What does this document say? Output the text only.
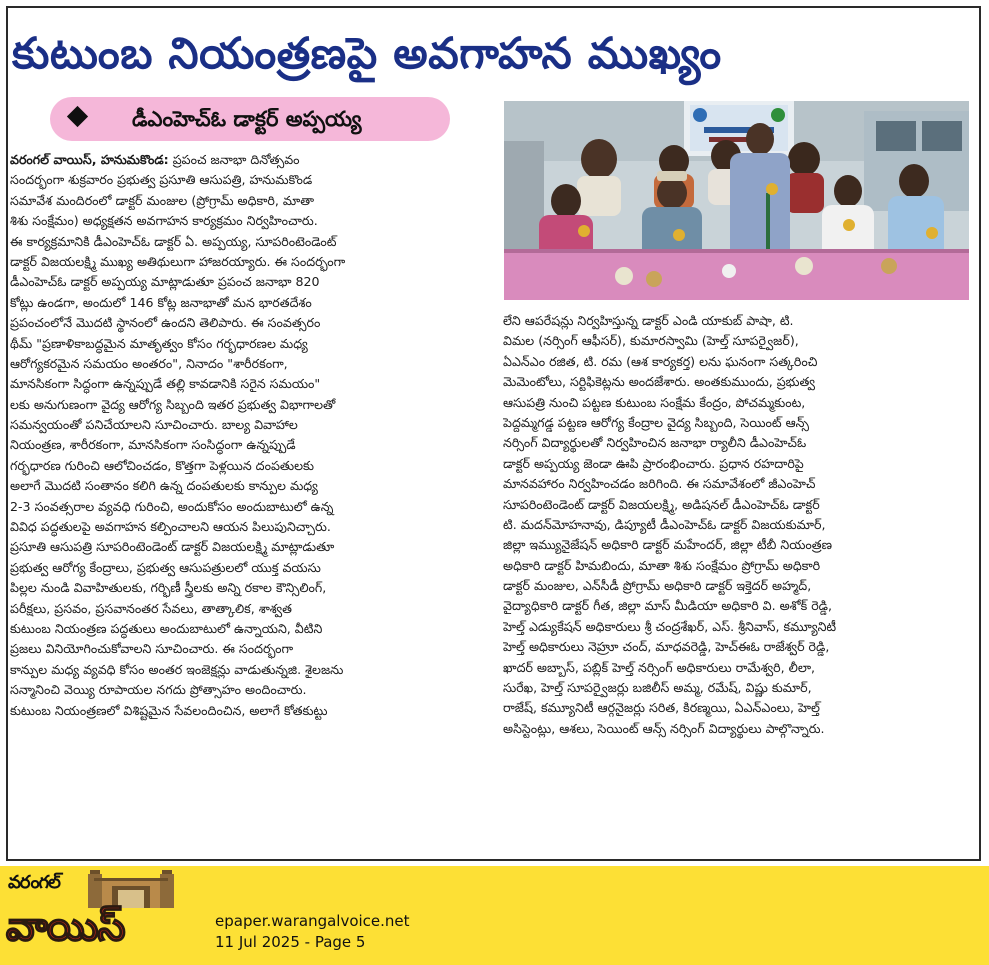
కుటుంబ నియంత్రణపై అవగాహన ముఖ్యం
డీఎంహెచ్ఓ డాక్టర్ అప్పయ్య
వరంగల్ వాయిస్, హనుమకొండ: ప్రపంచ జనాభా దినోత్సవం
సందర్భంగా శుక్రవారం ప్రభుత్వ ప్రసూతి ఆసుపత్రి, హనుమకొండ
సమావేశ మందిరంలో డాక్టర్ మంజుల (ప్రోగ్రామ్ అధికారి, మాతా
శిశు సంక్షేమం) అధ్యక్షతన అవగాహన కార్యక్రమం నిర్వహించారు.
ఈ కార్యక్రమానికి డీఎంహెచ్ఓ డాక్టర్ ఏ. అప్పయ్య, సూపరింటెండెంట్
డాక్టర్ విజయలక్ష్మి ముఖ్య అతిథులుగా హాజరయ్యారు. ఈ సందర్భంగా
డీఎంహెచ్ఓ డాక్టర్ అప్పయ్య మాట్లాడుతూ ప్రపంచ జనాభా 820
కోట్లు ఉండగా, అందులో 146 కోట్ల జనాభాతో మన భారతదేశం
ప్రపంచంలోనే మొదటి స్థానంలో ఉందని తెలిపారు. ఈ సంవత్సరం
థీమ్ "ప్రణాళికాబద్ధమైన మాతృత్వం కోసం గర్భధారణల మధ్య
ఆరోగ్యకరమైన సమయం అంతరం", నినాదం "శారీరకంగా,
మానసికంగా సిద్ధంగా ఉన్నప్పుడే తల్లి కావడానికి సరైన సమయం"
లకు అనుగుణంగా వైద్య ఆరోగ్య సిబ్బంది ఇతర ప్రభుత్వ విభాగాలతో
సమన్వయంతో పనిచేయాలని సూచించారు. బాల్య వివాహాల
నియంత్రణ, శారీరకంగా, మానసికంగా సంసిద్ధంగా ఉన్నప్పుడే
గర్భధారణ గురించి ఆలోచించడం, కొత్తగా పెళ్లయిన దంపతులకు
అలాగే మొదటి సంతానం కలిగి ఉన్న దంపతులకు కాన్పుల మధ్య
2-3 సంవత్సరాల వ్యవధి గురించి, అందుకోసం అందుబాటులో ఉన్న
వివిధ పద్ధతులపై అవగాహన కల్పించాలని ఆయన పిలుపునిచ్చారు.
ప్రసూతి ఆసుపత్రి సూపరింటెండెంట్ డాక్టర్ విజయలక్ష్మి మాట్లాడుతూ
ప్రభుత్వ ఆరోగ్య కేంద్రాలు, ప్రభుత్వ ఆసుపత్రులలో యుక్త వయసు
పిల్లల నుండి వివాహితులకు, గర్భిణీ స్త్రీలకు అన్ని రకాల కౌన్సిలింగ్,
పరీక్షలు, ప్రసవం, ప్రసవానంతర సేవలు, తాత్కాలిక, శాశ్వత
కుటుంబ నియంత్రణ పద్ధతులు అందుబాటులో ఉన్నాయని, వీటిని
ప్రజలు వినియోగించుకోవాలని సూచించారు. ఈ సందర్భంగా
కాన్పుల మధ్య వ్యవధి కోసం అంతర ఇంజెక్షన్లు వాడుతున్నజి. శైలజను
సన్మానించి వెయ్యి రూపాయల నగదు ప్రోత్సాహం అందించారు.
కుటుంబ నియంత్రణలో విశిష్టమైన సేవలందించిన, అలాగే కోతకుట్టు
లేని ఆపరేషన్లు నిర్వహిస్తున్న డాక్టర్ ఎండి యాకుబ్ పాషా, టి.
విమల (నర్సింగ్ ఆఫీసర్), కుమారస్వామి (హెల్త్ సూపర్వైజర్),
ఏఎన్ఎం రజిత, టి. రమ (ఆశ కార్యకర్త) లను ఘనంగా సత్కరించి
మెమెంటోలు, సర్టిఫికెట్లను అందజేశారు. అంతకుముందు, ప్రభుత్వ
ఆసుపత్రి నుంచి పట్టణ కుటుంబ సంక్షేమ కేంద్రం, పోచమ్మకుంట,
పెద్దమ్మగడ్డ పట్టణ ఆరోగ్య కేంద్రాల వైద్య సిబ్బంది, సెయింట్ ఆన్స్
నర్సింగ్ విద్యార్థులతో నిర్వహించిన జనాభా ర్యాలీని డీఎంహెచ్ఓ
డాక్టర్ అప్పయ్య జెండా ఊపి ప్రారంభించారు. ప్రధాన రహదారిపై
మానవహారం నిర్వహించడం జరిగింది. ఈ సమావేశంలో జీఎంహెచ్
సూపరింటెండెంట్ డాక్టర్ విజయలక్ష్మి, అడిషనల్ డీఎంహెచ్ఓ డాక్టర్
టి. మదన్‌మోహనావు, డిప్యూటీ డీఎంహెచ్ఓ డాక్టర్ విజయకుమార్,
జిల్లా ఇమ్యునైజేషన్ అధికారి డాక్టర్ మహేందర్, జిల్లా టీబీ నియంత్రణ
అధికారి డాక్టర్ హిమబిందు, మాతా శిశు సంక్షేమం ప్రోగ్రామ్ అధికారి
డాక్టర్ మంజుల, ఎన్‌సీడీ ప్రోగ్రామ్ అధికారి డాక్టర్ ఇక్తెదర్ అహ్మద్,
వైద్యాధికారి డాక్టర్ గీత, జిల్లా మాస్ మీడియా అధికారి వి. అశోక్ రెడ్డి,
హెల్త్ ఎడ్యుకేషన్ అధికారులు శ్రీ చంద్రశేఖర్, ఎస్. శ్రీనివాస్, కమ్యూనిటీ
హెల్త్ అధికారులు నెహ్రూ చంద్, మాధవరెడ్డి, హెచ్ఈఓ రాజేశ్వర్ రెడ్డి,
ఖాదర్ అబ్బాస్, పబ్లిక్ హెల్త్ నర్సింగ్ అధికారులు రామేశ్వరి, లీలా,
సురేఖ, హెల్త్ సూపర్వైజర్లు బజిలీస్ అమ్మ, రమేష్, విష్ణు కుమార్,
రాజేష్, కమ్యూనిటీ ఆర్గనైజర్లు సరిత, కిరణ్మయి, ఏఎన్ఎంలు, హెల్త్
అసిస్టెంట్లు, ఆశలు, సెయింట్ ఆన్స్ నర్సింగ్ విద్యార్థులు పాల్గొన్నారు.
వరంగల్
వాయిస్	epaper.warangalvoice.net
11 Jul 2025 - Page 5
